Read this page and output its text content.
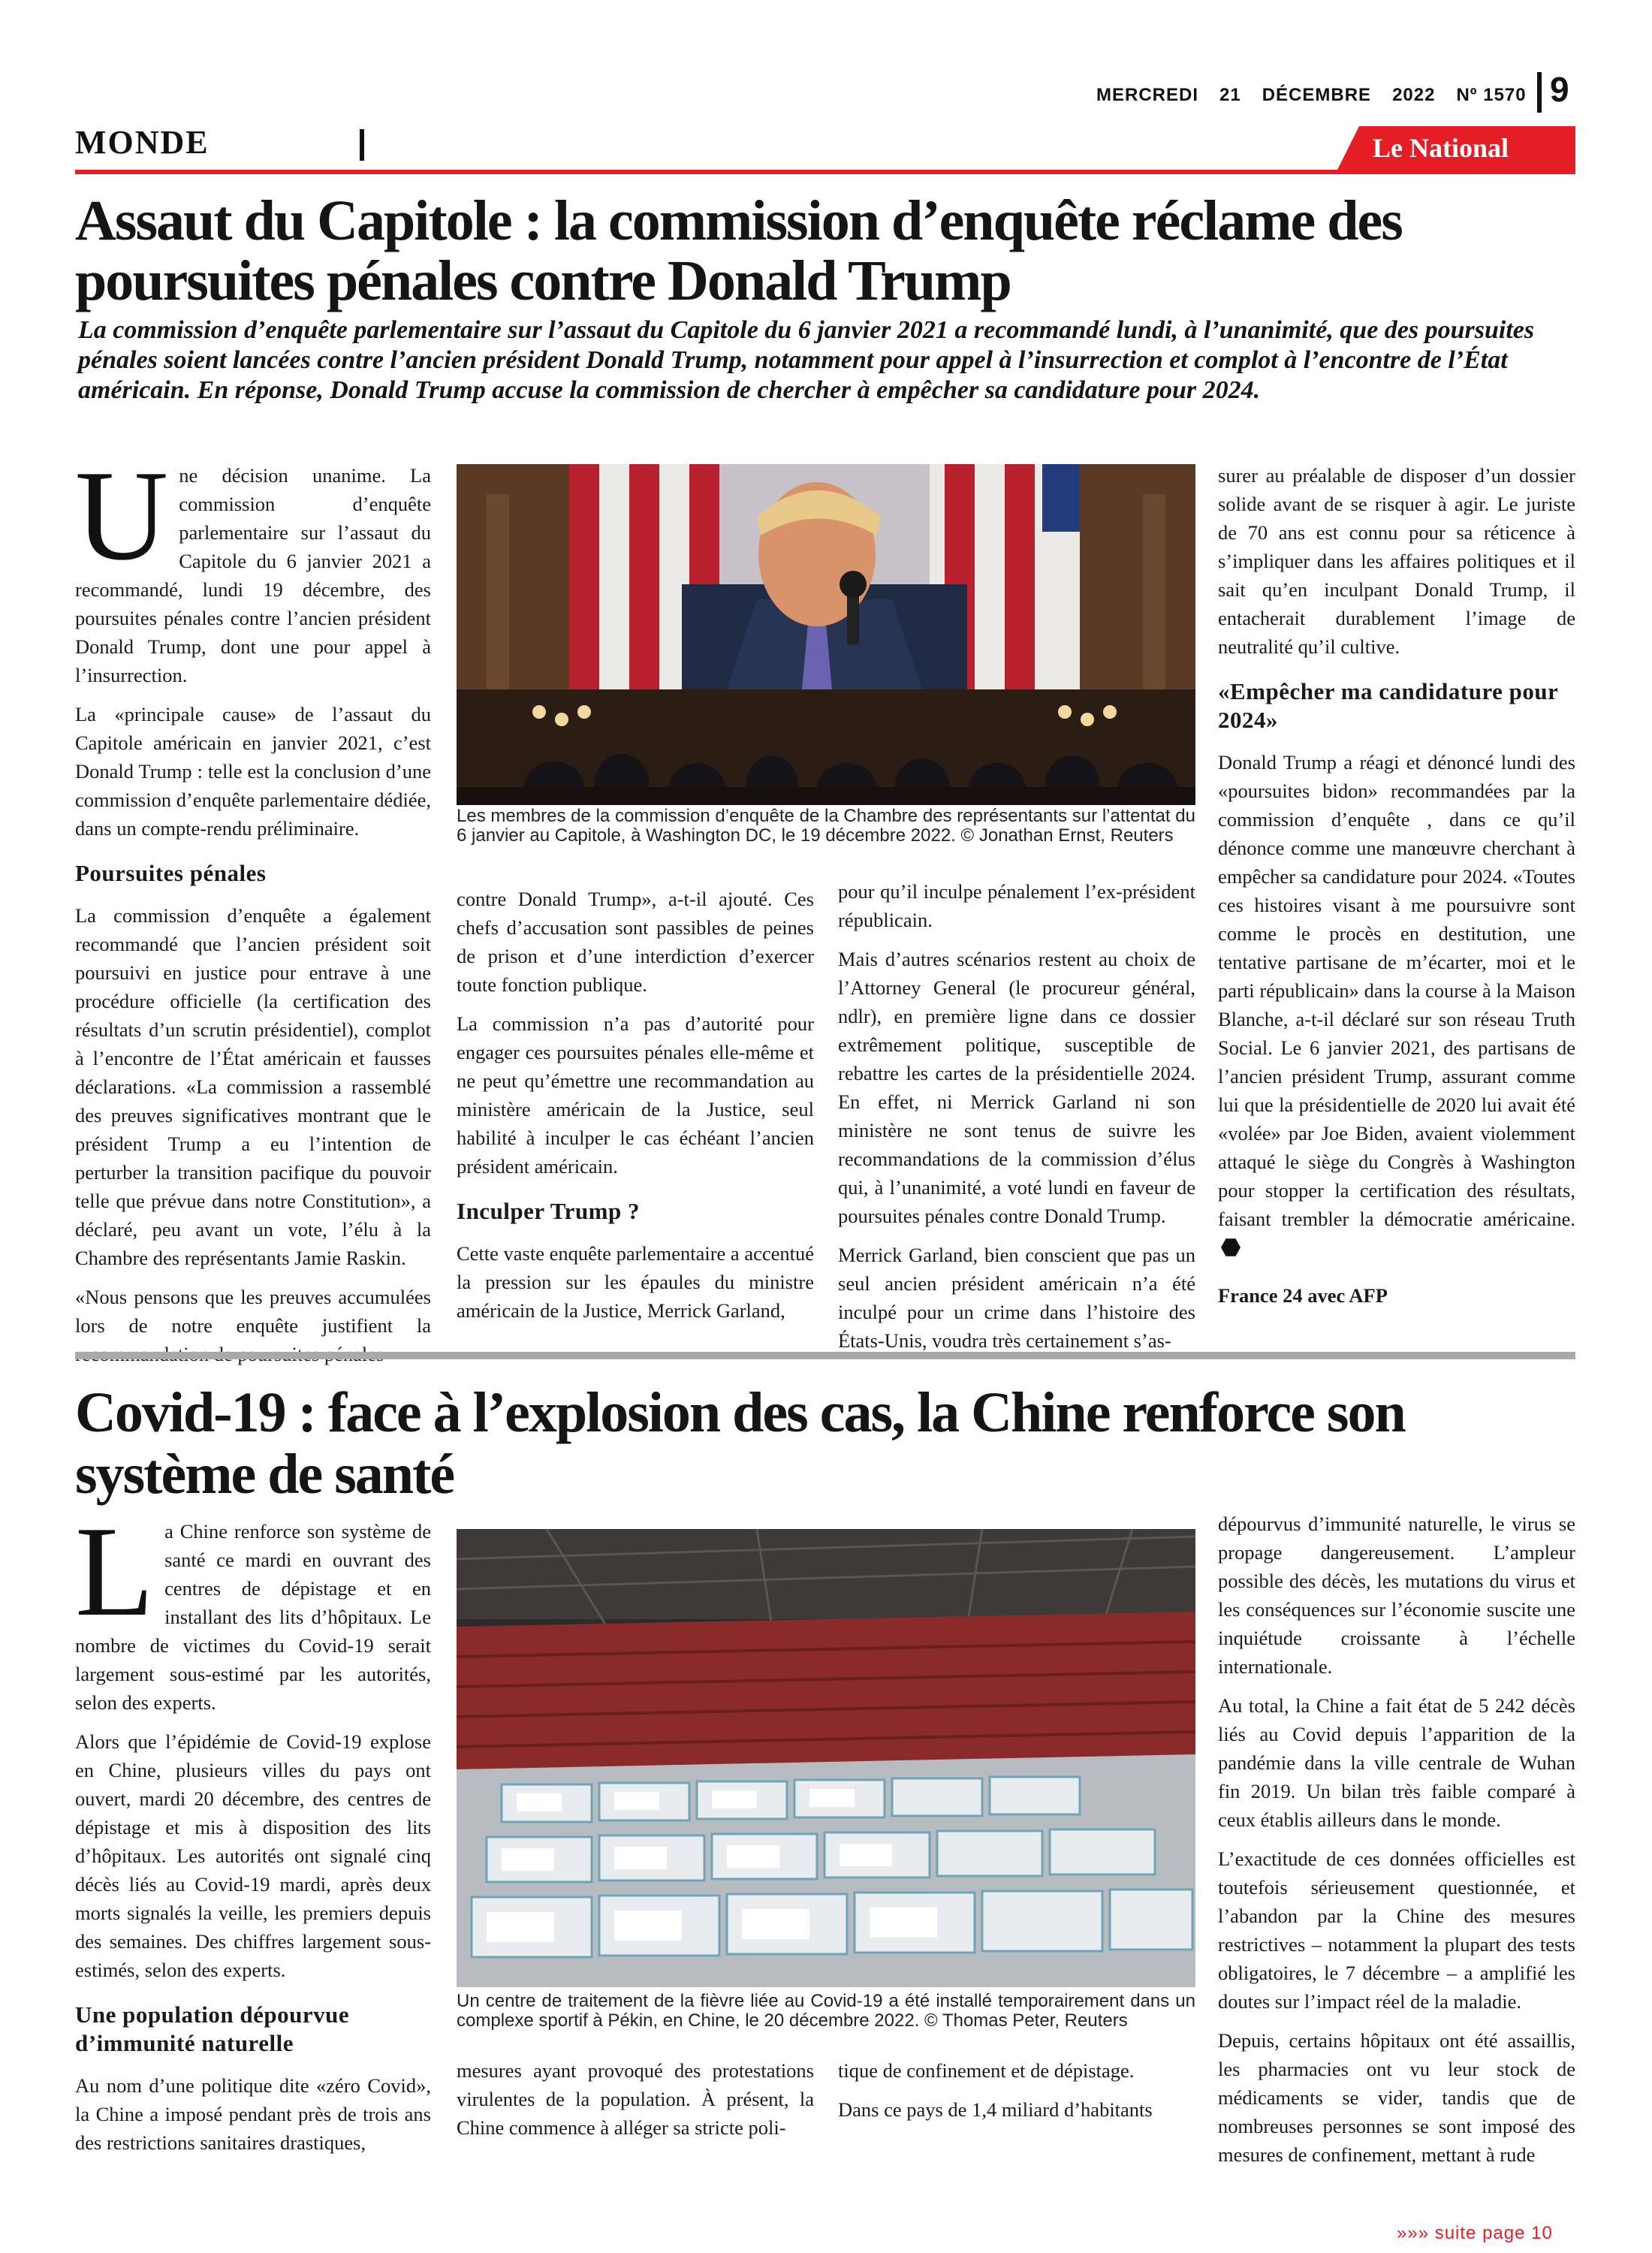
MERCREDI 21 DÉCEMBRE 2022 Nº 1570 9
MONDE	Le National
Assaut du Capitole : la commission d’enquête réclame des poursuites pénales contre Donald Trump
La commission d’enquête parlementaire sur l’assaut du Capitole du 6 janvier 2021 a recommandé lundi, à l’unanimité, que des poursuites pénales soient lancées contre l’ancien président Donald Trump, notamment pour appel à l’insurrection et complot à l’encontre de l’État américain. En réponse, Donald Trump accuse la commission de chercher à empêcher sa candidature pour 2024.

Une décision unanime. La commission d’enquête parlementaire sur l’assaut du Capitole du 6 janvier 2021 a recommandé, lundi 19 décembre, des poursuites pénales contre l’ancien président Donald Trump, dont une pour appel à l’insurrection.

La «principale cause» de l’assaut du Capitole américain en janvier 2021, c’est Donald Trump : telle est la conclusion d’une commission d’enquête parlementaire dédiée, dans un compte-rendu préliminaire.

Poursuites pénales

La commission d’enquête a également recommandé que l’ancien président soit poursuivi en justice pour entrave à une procédure officielle (la certification des résultats d’un scrutin présidentiel), complot à l’encontre de l’État américain et fausses déclarations. «La commission a rassemblé des preuves significatives montrant que le président Trump a eu l’intention de perturber la transition pacifique du pouvoir telle que prévue dans notre Constitution», a déclaré, peu avant un vote, l’élu à la Chambre des représentants Jamie Raskin.

«Nous pensons que les preuves accumulées lors de notre enquête justifient la

Les membres de la commission d’enquête de la Chambre des représentants sur l’attentat du 6 janvier au Capitole, à Washington DC, le 19 décembre 2022. © Jonathan Ernst, Reuters

contre Donald Trump», a-t-il ajouté. Ces chefs d’accusation sont passibles de peines de prison et d’une interdiction d’exercer toute fonction publique.

La commission n’a pas d’autorité pour engager ces poursuites pénales elle-même et ne peut qu’émettre une recommandation au ministère américain de la Justice, seul habilité à inculper le cas échéant l’ancien président américain.

Inculper Trump ?

Cette vaste enquête parlementaire a accentué la pression sur les épaules du ministre américain de la Justice, Merrick Garland,

pour qu’il inculpe pénalement l’ex-président républicain.

Mais d’autres scénarios restent au choix de l’Attorney General (le procureur général, ndlr), en première ligne dans ce dossier extrêmement politique, susceptible de rebattre les cartes de la présidentielle 2024. En effet, ni Merrick Garland ni son ministère ne sont tenus de suivre les recommandations de la commission d’élus qui, à l’unanimité, a voté lundi en faveur de poursuites pénales contre Donald Trump.

Merrick Garland, bien conscient que pas un seul ancien président américain n’a été inculpé pour un crime dans l’histoire des États-Unis, voudra très certainement s’as-

surer au préalable de disposer d’un dossier solide avant de se risquer à agir. Le juriste de 70 ans est connu pour sa réticence à s’impliquer dans les affaires politiques et il sait qu’en inculpant Donald Trump, il entacherait durablement l’image de neutralité qu’il cultive.

«Empêcher ma candidature pour 2024»

Donald Trump a réagi et dénoncé lundi des «poursuites bidon» recommandées par la commission d’enquête , dans ce qu’il dénonce comme une manœuvre cherchant à empêcher sa candidature pour 2024. «Toutes ces histoires visant à me poursuivre sont comme le procès en destitution, une tentative partisane de m’écarter, moi et le parti républicain» dans la course à la Maison Blanche, a-t-il déclaré sur son réseau Truth Social. Le 6 janvier 2021, des partisans de l’ancien président Trump, assurant comme lui que la présidentielle de 2020 lui avait été «volée» par Joe Biden, avaient violemment attaqué le siège du Congrès à Washington pour stopper la certification des résultats, faisant trembler la démocratie américaine.

France 24 avec AFP

Covid-19 : face à l’explosion des cas, la Chine renforce son système de santé

La Chine renforce son système de santé ce mardi en ouvrant des centres de dépistage et en installant des lits d’hôpitaux. Le nombre de victimes du Covid-19 serait largement sous-estimé par les autorités, selon des experts.

Alors que l’épidémie de Covid-19 explose en Chine, plusieurs villes du pays ont ouvert, mardi 20 décembre, des centres de dépistage et mis à disposition des lits d’hôpitaux. Les autorités ont signalé cinq décès liés au Covid-19 mardi, après deux morts signalés la veille, les premiers depuis des semaines. Des chiffres largement sous-estimés, selon des experts.

Une population dépourvue d’immunité naturelle

Au nom d’une politique dite «zéro Covid», la Chine a imposé pendant près de trois ans des restrictions sanitaires drastiques,

Un centre de traitement de la fièvre liée au Covid-19 a été installé temporairement dans un complexe sportif à Pékin, en Chine, le 20 décembre 2022. © Thomas Peter, Reuters

mesures ayant provoqué des protestations virulentes de la population. À présent, la Chine commence à alléger sa stricte poli-

tique de confinement et de dépistage.

Dans ce pays de 1,4 miliard d’habitants

dépourvus d’immunité naturelle, le virus se propage dangereusement. L’ampleur possible des décès, les mutations du virus et les conséquences sur l’économie suscite une inquiétude croissante à l’échelle internationale.

Au total, la Chine a fait état de 5 242 décès liés au Covid depuis l’apparition de la pandémie dans la ville centrale de Wuhan fin 2019. Un bilan très faible comparé à ceux établis ailleurs dans le monde.

L’exactitude de ces données officielles est toutefois sérieusement questionnée, et l’abandon par la Chine des mesures restrictives – notamment la plupart des tests obligatoires, le 7 décembre – a amplifié les doutes sur l’impact réel de la maladie.

Depuis, certains hôpitaux ont été assaillis, les pharmacies ont vu leur stock de médicaments se vider, tandis que de nombreuses personnes se sont imposé des mesures de confinement, mettant à rude

»»» suite page 10
